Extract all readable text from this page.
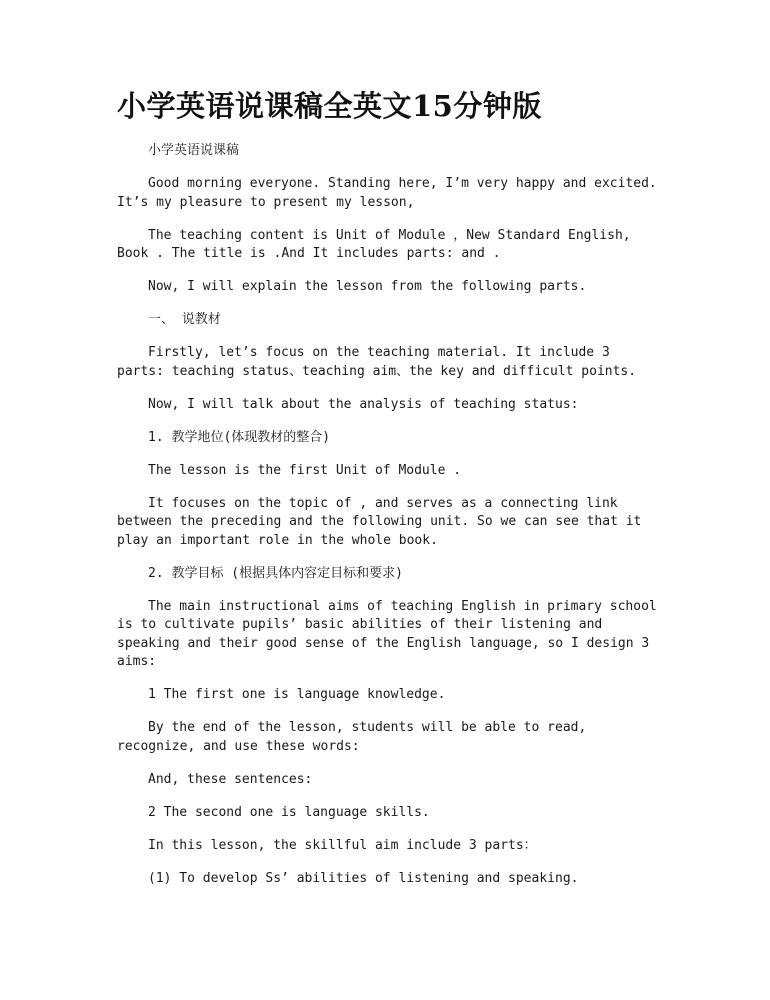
小学英语说课稿全英文15分钟版

小学英语说课稿

Good morning everyone. Standing here, I’m very happy and excited. It’s my pleasure to present my lesson,

The teaching content is Unit of Module ，New Standard English, Book . The title is .And It includes parts: and .

Now, I will explain the lesson from the following parts.

一、 说教材

Firstly, let’s focus on the teaching material. It include 3 parts: teaching status、teaching aim、the key and difficult points.

Now, I will talk about the analysis of teaching status:

1. 教学地位(体现教材的整合)

The lesson is the first Unit of Module .

It focuses on the topic of , and serves as a connecting link between the preceding and the following unit. So we can see that it play an important role in the whole book.

2. 教学目标 (根据具体内容定目标和要求)

The main instructional aims of teaching English in primary school is to cultivate pupils’ basic abilities of their listening and speaking and their good sense of the English language, so I design 3 aims:

1 The first one is language knowledge.

By the end of the lesson, students will be able to read, recognize, and use these words:

And, these sentences:

2 The second one is language skills.

In this lesson, the skillful aim include 3 parts：

(1) To develop Ss’ abilities of listening and speaking.
